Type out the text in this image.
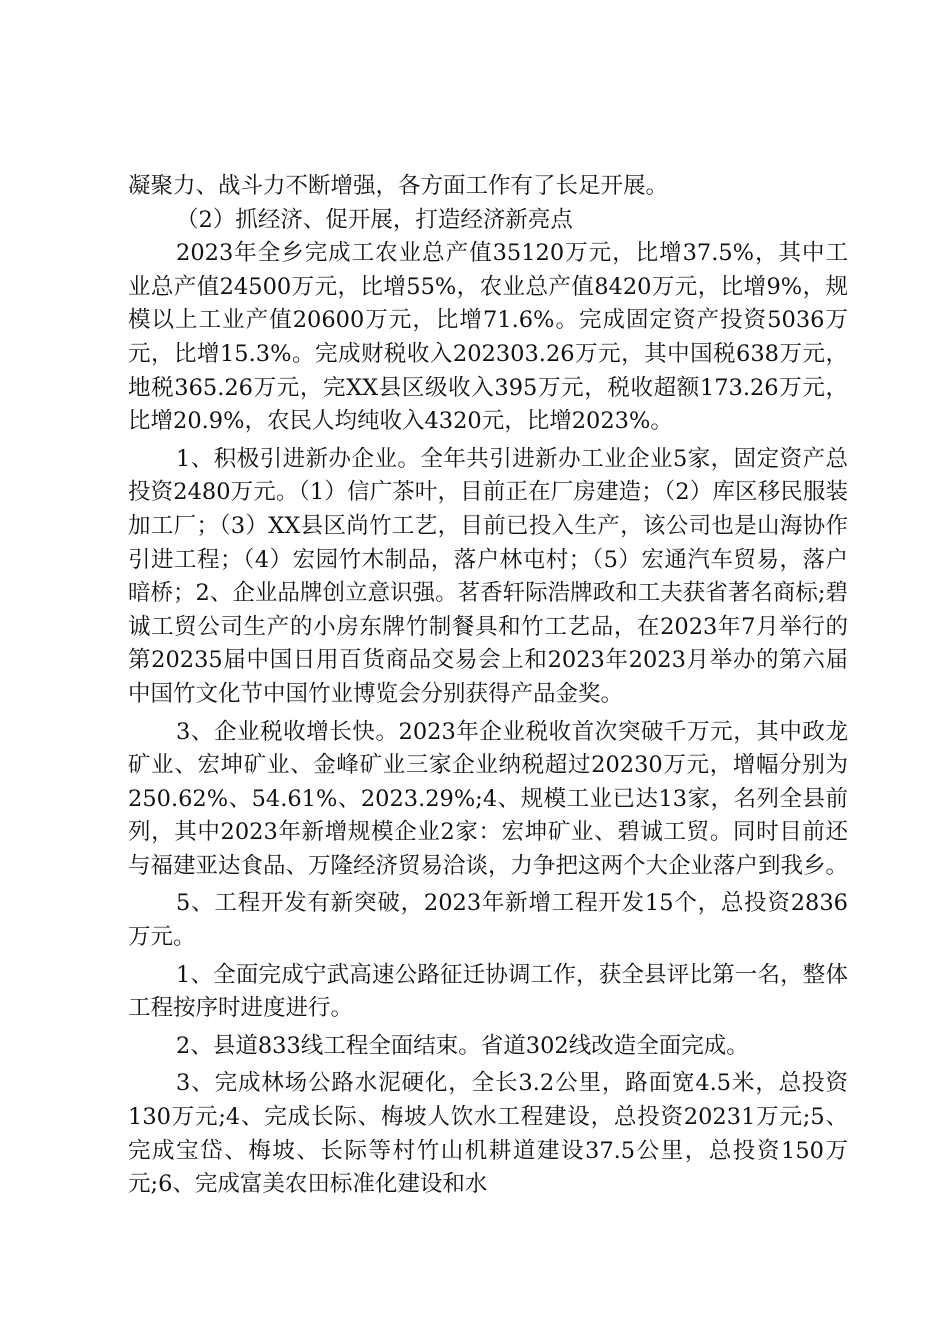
凝聚力、战斗力不断增强，各方面工作有了长足开展。

（2）抓经济、促开展，打造经济新亮点

2023年全乡完成工农业总产值35120万元，比增37.5%，其中工业总产值24500万元，比增55%，农业总产值8420万元，比增9%，规模以上工业产值20600万元，比增71.6%。完成固定资产投资5036万元，比增15.3%。完成财税收入202303.26万元，其中国税638万元，地税365.26万元，完XX县区级收入395万元，税收超额173.26万元，比增20.9%，农民人均纯收入4320元，比增2023%。

1、积极引进新办企业。全年共引进新办工业企业5家，固定资产总投资2480万元。（1）信广茶叶，目前正在厂房建造；（2）库区移民服装加工厂；（3）XX县区尚竹工艺，目前已投入生产，该公司也是山海协作引进工程；（4）宏园竹木制品，落户林屯村；（5）宏通汽车贸易，落户暗桥；2、企业品牌创立意识强。茗香轩际浩牌政和工夫获省著名商标;碧诚工贸公司生产的小房东牌竹制餐具和竹工艺品，在2023年7月举行的第20235届中国日用百货商品交易会上和2023年2023月举办的第六届中国竹文化节中国竹业博览会分别获得产品金奖。

3、企业税收增长快。2023年企业税收首次突破千万元，其中政龙矿业、宏坤矿业、金峰矿业三家企业纳税超过20230万元，增幅分别为250.62%、54.61%、2023.29%;4、规模工业已达13家，名列全县前列，其中2023年新增规模企业2家：宏坤矿业、碧诚工贸。同时目前还与福建亚达食品、万隆经济贸易洽谈，力争把这两个大企业落户到我乡。

5、工程开发有新突破，2023年新增工程开发15个，总投资2836万元。

1、全面完成宁武高速公路征迁协调工作，获全县评比第一名，整体工程按序时进度进行。

2、县道833线工程全面结束。省道302线改造全面完成。

3、完成林场公路水泥硬化，全长3.2公里，路面宽4.5米，总投资130万元;4、完成长际、梅坡人饮水工程建设，总投资20231万元;5、完成宝岱、梅坡、长际等村竹山机耕道建设37.5公里，总投资150万元;6、完成富美农田标准化建设和水
